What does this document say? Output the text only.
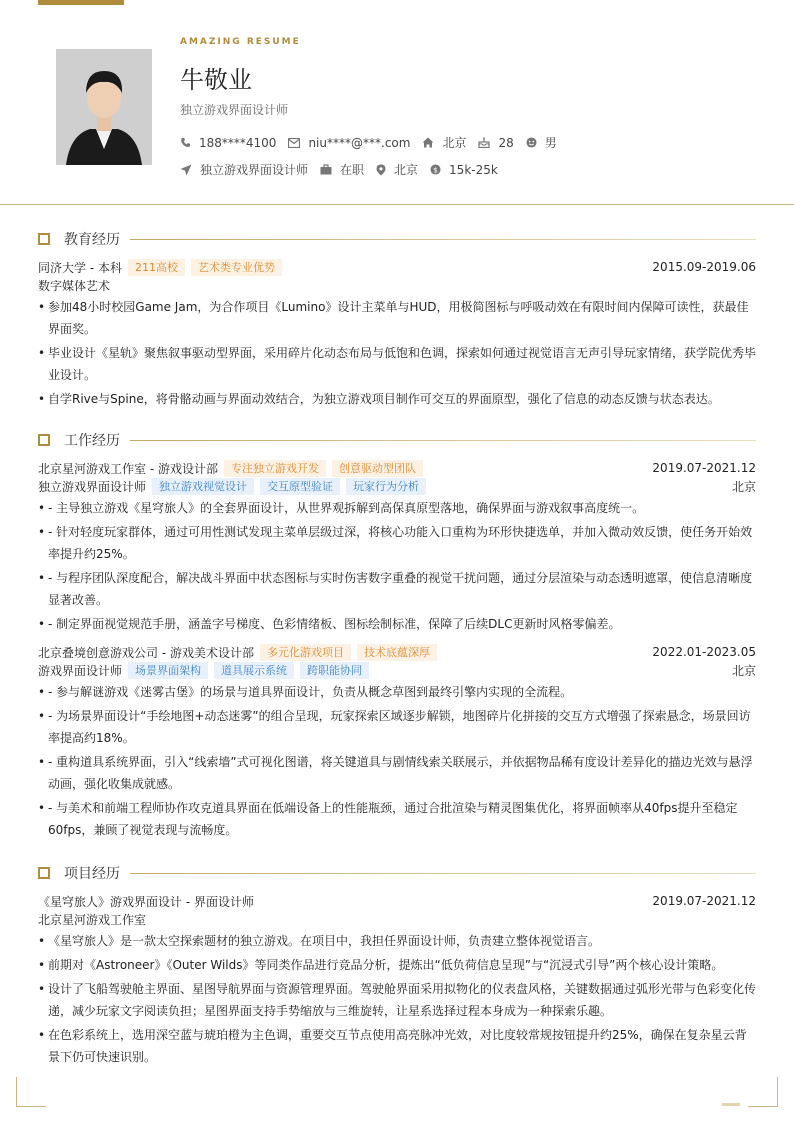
AMAZING RESUME
牛敬业
独立游戏界面设计师
188****4100	niu****@***.com	北京	28	男
独立游戏界面设计师	在职	北京 $ 15k-25k
教育经历
同济大学 - 本科	211高校	艺术类专业优势	2015.09-2019.06
数字媒体艺术
• 参加48小时校园Game Jam，为合作项目《Lumino》设计主菜单与HUD，用极简图标与呼吸动效在有限时间内保障可读性，获最佳界面奖。
• 毕业设计《星轨》聚焦叙事驱动型界面，采用碎片化动态布局与低饱和色调，探索如何通过视觉语言无声引导玩家情绪，获学院优秀毕业设计。
• 自学Rive与Spine，将骨骼动画与界面动效结合，为独立游戏项目制作可交互的界面原型，强化了信息的动态反馈与状态表达。
工作经历
北京星河游戏工作室 - 游戏设计部	专注独立游戏开发	创意驱动型团队	2019.07-2021.12
独立游戏界面设计师	独立游戏视觉设计	交互原型验证	玩家行为分析	北京
• - 主导独立游戏《星穹旅人》的全套界面设计，从世界观拆解到高保真原型落地，确保界面与游戏叙事高度统一。
• - 针对轻度玩家群体，通过可用性测试发现主菜单层级过深，将核心功能入口重构为环形快捷选单，并加入微动效反馈，使任务开始效率提升约25%。
• - 与程序团队深度配合，解决战斗界面中状态图标与实时伤害数字重叠的视觉干扰问题，通过分层渲染与动态透明遮罩，使信息清晰度显著改善。
• - 制定界面视觉规范手册，涵盖字号梯度、色彩情绪板、图标绘制标准，保障了后续DLC更新时风格零偏差。
北京叠境创意游戏公司 - 游戏美术设计部	多元化游戏项目	技术底蕴深厚	2022.01-2023.05
游戏界面设计师	场景界面架构	道具展示系统	跨职能协同	北京
• - 参与解谜游戏《迷雾古堡》的场景与道具界面设计，负责从概念草图到最终引擎内实现的全流程。
• - 为场景界面设计“手绘地图+动态迷雾”的组合呈现，玩家探索区域逐步解锁，地图碎片化拼接的交互方式增强了探索悬念，场景回访率提高约18%。
• - 重构道具系统界面，引入“线索墙”式可视化图谱，将关键道具与剧情线索关联展示，并依据物品稀有度设计差异化的描边光效与悬浮动画，强化收集成就感。
• - 与美术和前端工程师协作攻克道具界面在低端设备上的性能瓶颈，通过合批渲染与精灵图集优化，将界面帧率从40fps提升至稳定60fps，兼顾了视觉表现与流畅度。
项目经历
《星穹旅人》游戏界面设计 - 界面设计师	2019.07-2021.12
北京星河游戏工作室
• 《星穹旅人》是一款太空探索题材的独立游戏。在项目中，我担任界面设计师，负责建立整体视觉语言。
• 前期对《Astroneer》《Outer Wilds》等同类作品进行竞品分析，提炼出“低负荷信息呈现”与“沉浸式引导”两个核心设计策略。
• 设计了飞船驾驶舱主界面、星图导航界面与资源管理界面。驾驶舱界面采用拟物化的仪表盘风格，关键数据通过弧形光带与色彩变化传递，减少玩家文字阅读负担；星图界面支持手势缩放与三维旋转，让星系选择过程本身成为一种探索乐趣。
• 在色彩系统上，选用深空蓝与琥珀橙为主色调，重要交互节点使用高亮脉冲光效，对比度较常规按钮提升约25%，确保在复杂星云背景下仍可快速识别。
